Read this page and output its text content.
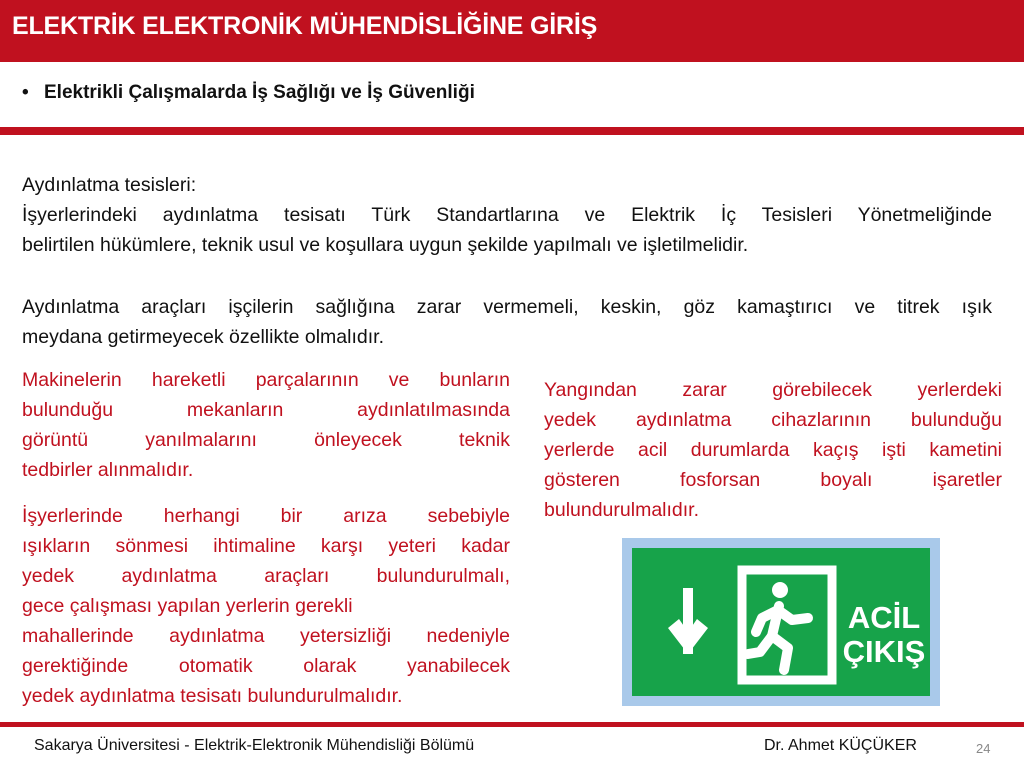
ELEKTRİK ELEKTRONİK MÜHENDİSLİĞİNE GİRİŞ
• Elektrikli Çalışmalarda İş Sağlığı ve İş Güvenliği
Aydınlatma tesisleri:
İşyerlerindeki aydınlatma tesisatı Türk Standartlarına ve Elektrik İç Tesisleri Yönetmeliğinde
belirtilen hükümlere, teknik usul ve koşullara uygun şekilde yapılmalı ve işletilmelidir.
Aydınlatma araçları işçilerin sağlığına zarar vermemeli, keskin, göz kamaştırıcı ve titrek ışık
meydana getirmeyecek özellikte olmalıdır.
Makinelerin hareketli parçalarının ve bunların
bulunduğu mekanların aydınlatılmasında
görüntü yanılmalarını önleyecek teknik
tedbirler alınmalıdır.
İşyerlerinde herhangi bir arıza sebebiyle
ışıkların sönmesi ihtimaline karşı yeteri kadar
yedek aydınlatma araçları bulundurulmalı,
gece çalışması yapılan yerlerin gerekli
mahallerinde aydınlatma yetersizliği nedeniyle
gerektiğinde otomatik olarak yanabilecek
yedek aydınlatma tesisatı bulundurulmalıdır.
Yangından zarar görebilecek yerlerdeki
yedek aydınlatma cihazlarının bulunduğu
yerlerde acil durumlarda kaçış işti kametini
gösteren fosforsan boyalı işaretler
bulundurulmalıdır.
ACİL
ÇIKIŞ
Sakarya Üniversitesi - Elektrik-Elektronik Mühendisliği Bölümü	Dr. Ahmet KÜÇÜKER	24
